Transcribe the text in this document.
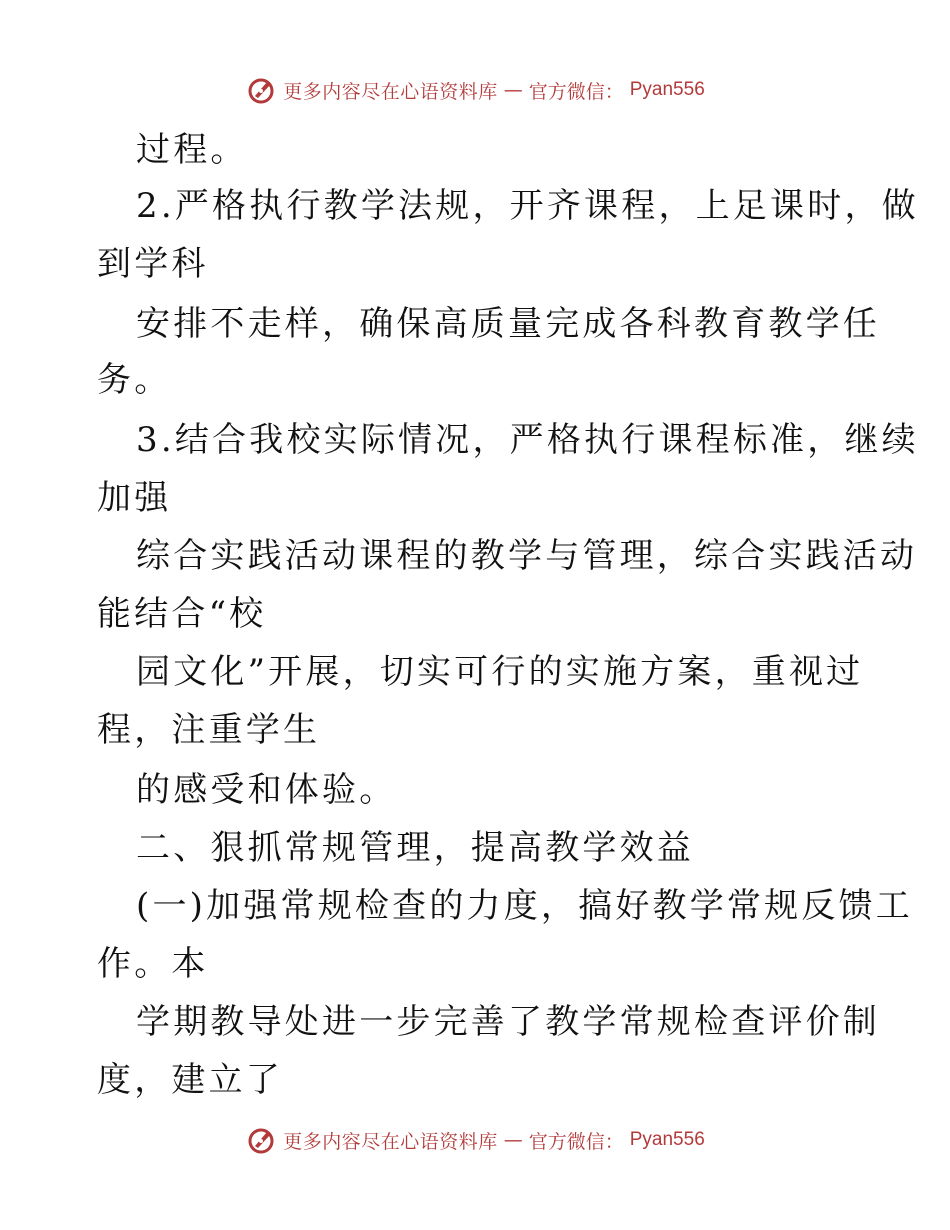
更多内容尽在心语资料库 — 官方微信： Pyan556
过程。
2.严格执行教学法规，开齐课程，上足课时，做
到学科
安排不走样，确保高质量完成各科教育教学任
务。
3.结合我校实际情况，严格执行课程标准，继续
加强
综合实践活动课程的教学与管理，综合实践活动
能结合“校
园文化”开展，切实可行的实施方案，重视过
程，注重学生
的感受和体验。
二、狠抓常规管理，提高教学效益
(一)加强常规检查的力度，搞好教学常规反馈工
作。本
学期教导处进一步完善了教学常规检查评价制
度，建立了
更多内容尽在心语资料库 — 官方微信： Pyan556
